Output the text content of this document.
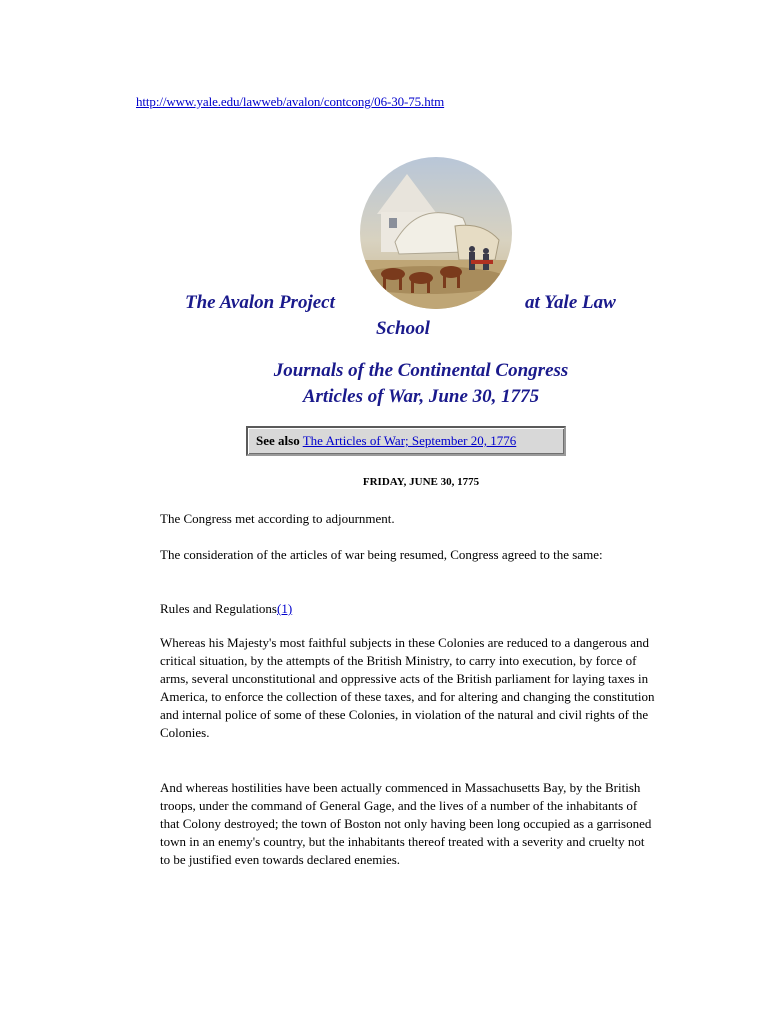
http://www.yale.edu/lawweb/avalon/contcong/06-30-75.htm
The Avalon Project	at Yale Law
School
Journals of the Continental Congress
Articles of War, June 30, 1775
See also The Articles of War; September 20, 1776
FRIDAY, JUNE 30, 1775

The Congress met according to adjournment.

The consideration of the articles of war being resumed, Congress agreed to the same:

Rules and Regulations(1)

Whereas his Majesty's most faithful subjects in these Colonies are reduced to a dangerous and critical situation, by the attempts of the British Ministry, to carry into execution, by force of arms, several unconstitutional and oppressive acts of the British parliament for laying taxes in America, to enforce the collection of these taxes, and for altering and changing the constitution and internal police of some of these Colonies, in violation of the natural and civil rights of the Colonies.

And whereas hostilities have been actually commenced in Massachusetts Bay, by the British troops, under the command of General Gage, and the lives of a number of the inhabitants of that Colony destroyed; the town of Boston not only having been long occupied as a garrisoned town in an enemy's country, but the inhabitants thereof treated with a severity and cruelty not to be justified even towards declared enemies.
